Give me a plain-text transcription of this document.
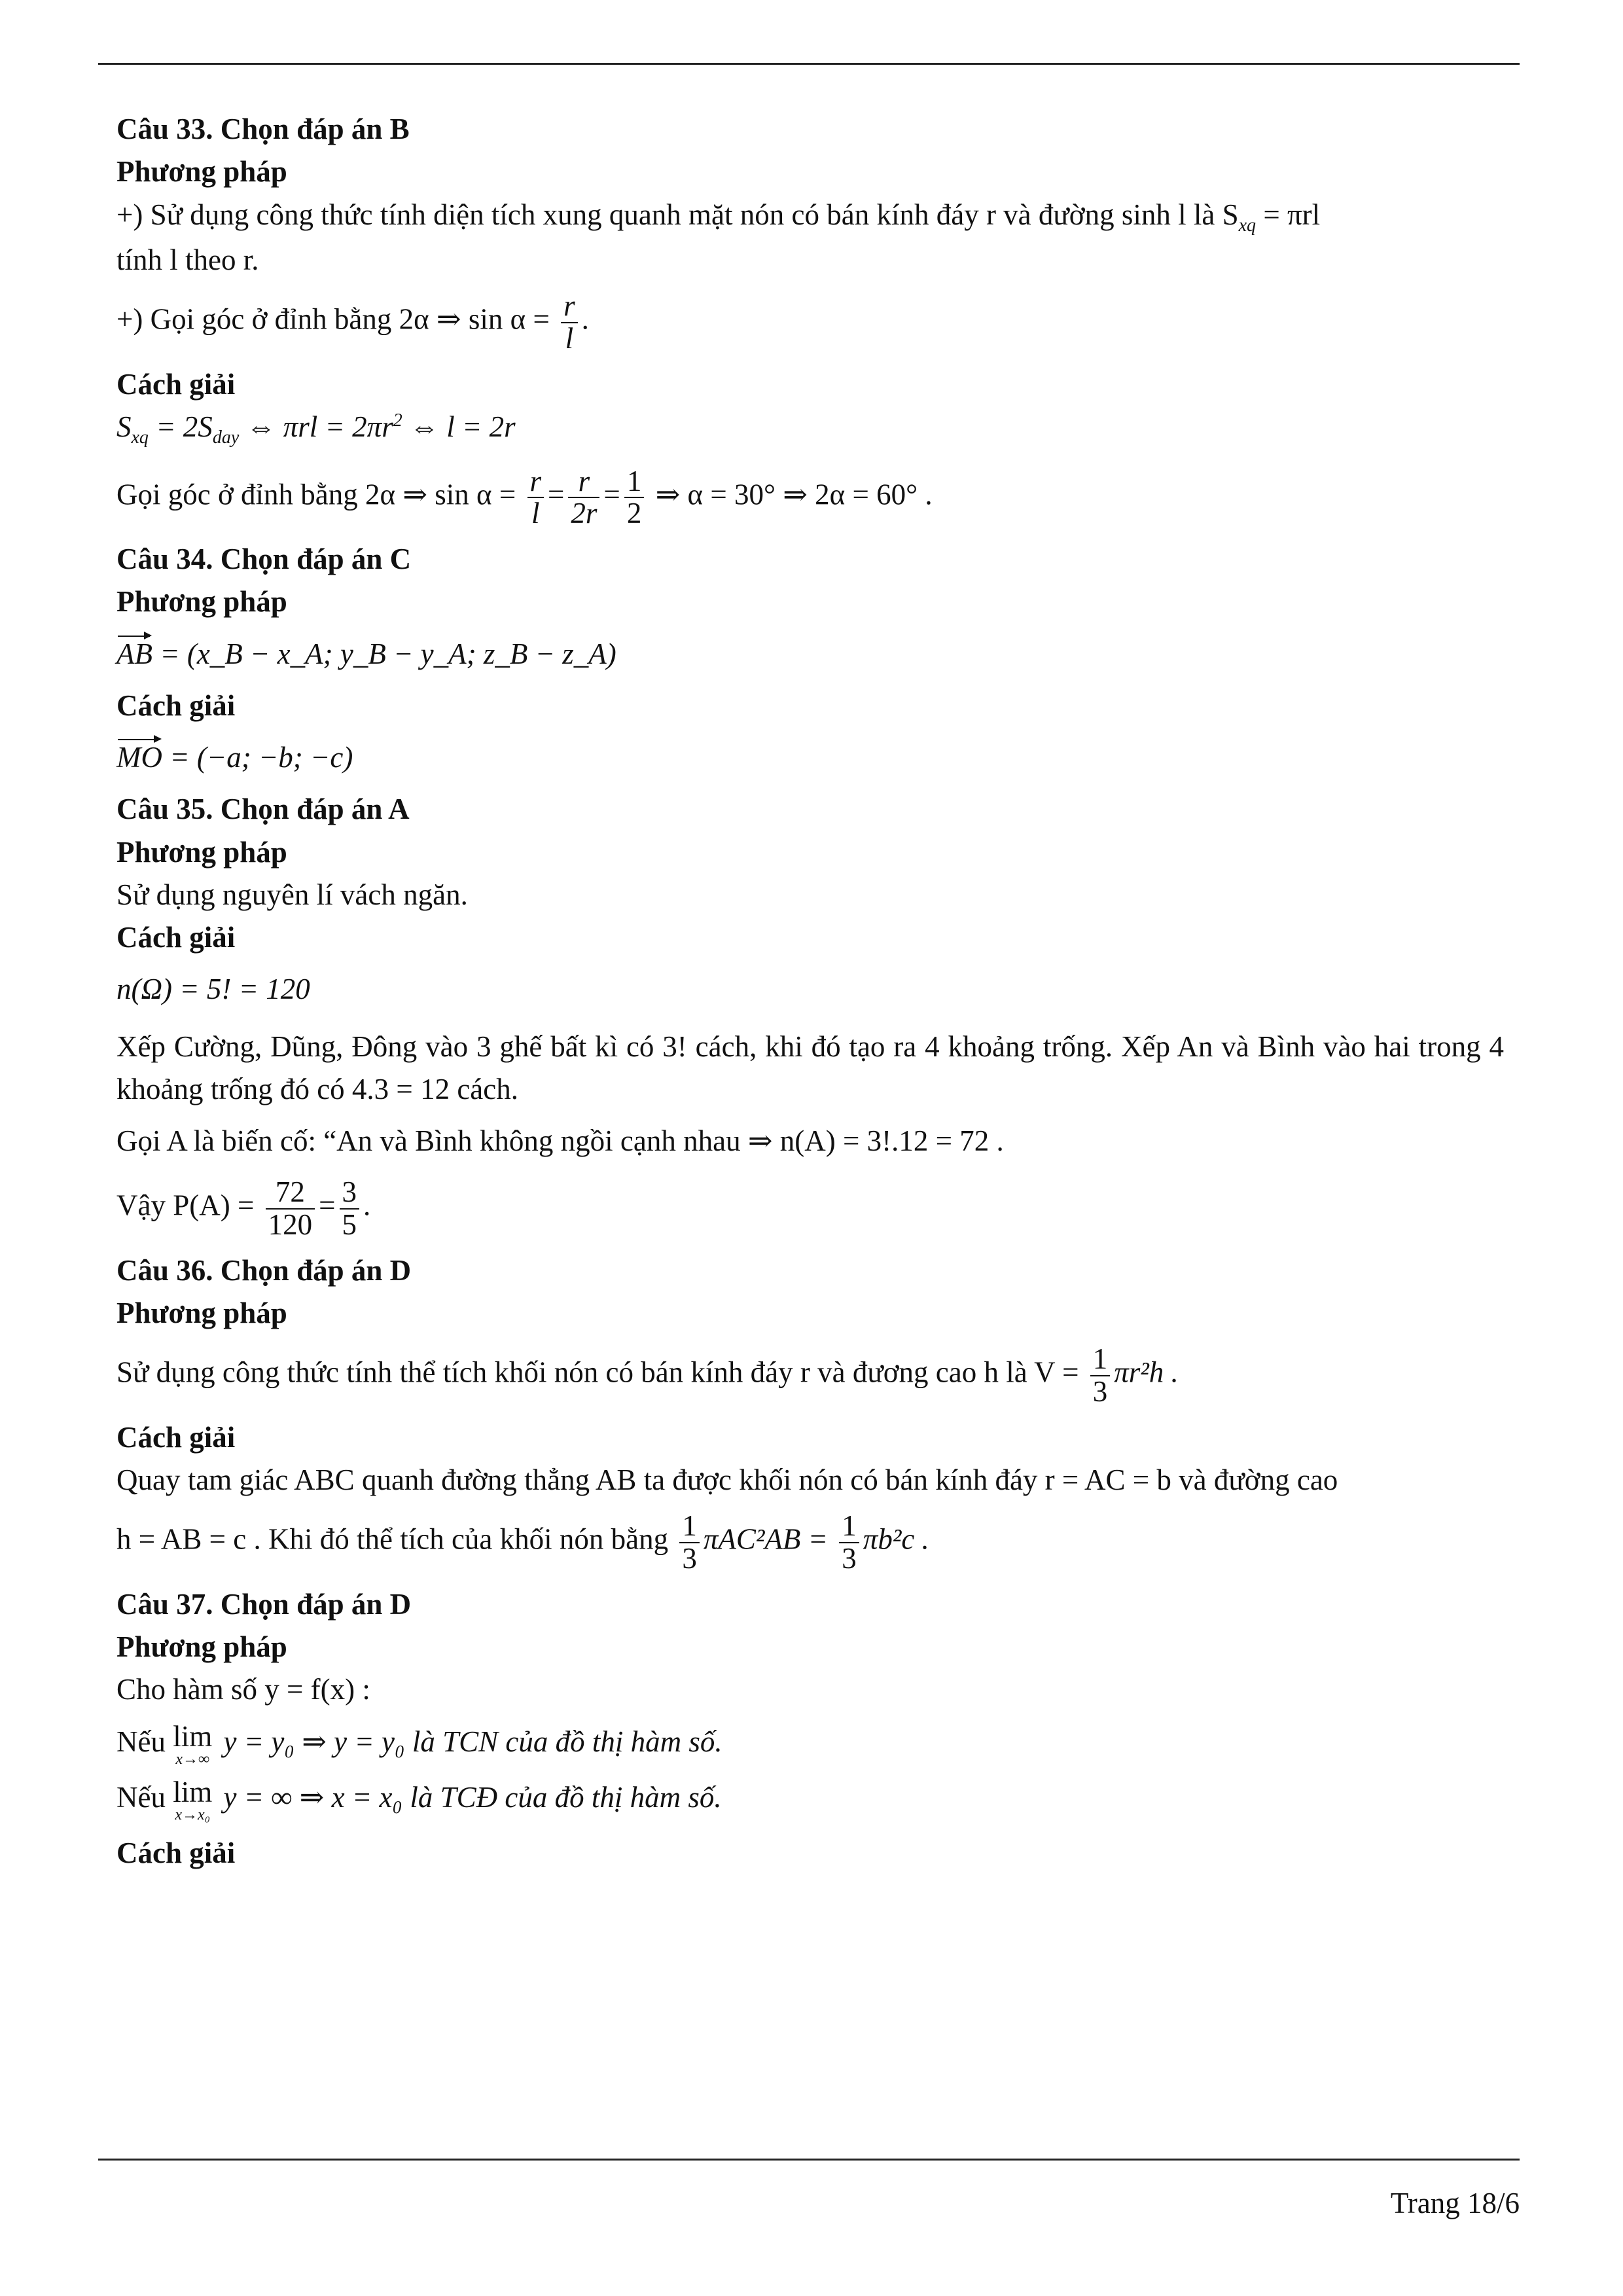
Câu 33. Chọn đáp án B
Phương pháp
+) Sử dụng công thức tính diện tích xung quanh mặt nón có bán kính đáy r và đường sinh l là $S_{xq} = \pi rl$
tính l theo r.
+) Gọi góc ở đỉnh bằng 2α ⇒ $\sin \alpha = \frac{r}{l}$ .
Cách giải
$S_{xq} = 2S_{day}$ ⇔ $\pi rl = 2\pi r^2$ ⇔ l = 2r
Gọi góc ở đỉnh bằng 2α ⇒ $\sin \alpha = \frac{r}{l} = \frac{r}{2r} = \frac{1}{2}$ ⇒ α = 30° ⇒ 2α = 60° .
Câu 34. Chọn đáp án C
Phương pháp
AB = (x_B − x_A; y_B − y_A; z_B − z_A)
Cách giải
MO = (−a; −b; −c)
Câu 35. Chọn đáp án A
Phương pháp
Sử dụng nguyên lí vách ngăn.
Cách giải
n(Ω) = 5! = 120
Xếp Cường, Dũng, Đông vào 3 ghế bất kì có 3! cách, khi đó tạo ra 4 khoảng trống. Xếp An và Bình vào hai trong 4 khoảng trống đó có 4.3 = 12 cách.
Gọi A là biến cố: “An và Bình không ngồi cạnh nhau ⇒ n(A) = 3!.12 = 72 .
Vậy $P(A) = \frac{72}{120} = \frac{3}{5}$ .
Câu 36. Chọn đáp án D
Phương pháp
Sử dụng công thức tính thể tích khối nón có bán kính đáy r và đương cao h là $V = \frac{1}{3} \pi r^2h$ .
Cách giải
Quay tam giác ABC quanh đường thẳng AB ta được khối nón có bán kính đáy r = AC = b và đường cao
h = AB = c . Khi đó thể tích của khối nón bằng $\frac{1}{3} \pi AC^2AB = \frac{1}{3} \pi b^2c$ .
Câu 37. Chọn đáp án D
Phương pháp
Cho hàm số y = f(x) :
Nếu lim
x→∞
y = y₀ ⇒ y = y₀ là TCN của đồ thị hàm số.
Nếu lim
x→x₀
y = ∞ ⇒ x = x₀ là TCĐ của đồ thị hàm số.
Cách giải
Trang 18/6
